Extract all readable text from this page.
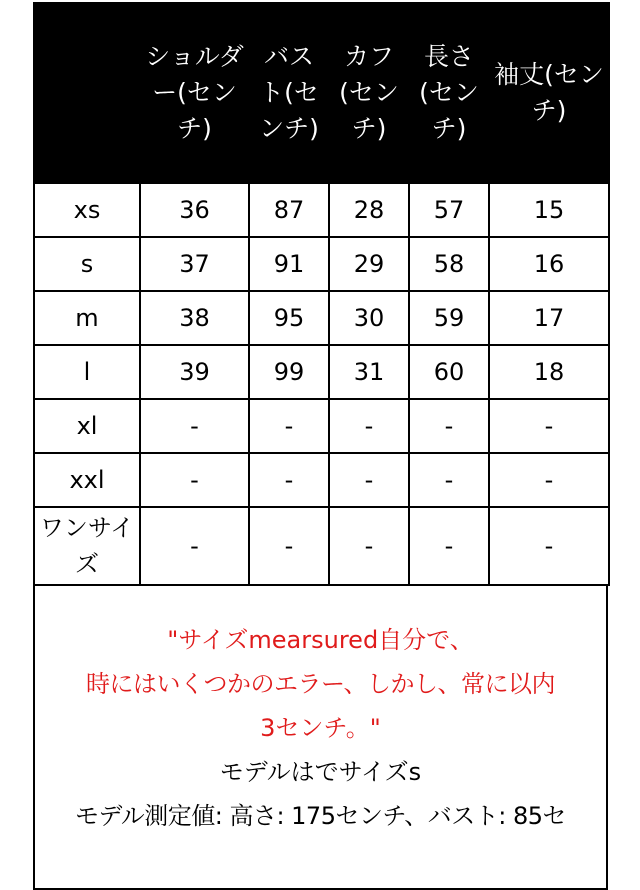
	ショルダー(センチ)	バスト(センチ)	カフ(センチ)	長さ(センチ)	袖丈(センチ)
xs	36	87	28	57	15
s	37	91	29	58	16
m	38	95	30	59	17
l	39	99	31	60	18
xl	-	-	-	-	-
xxl	-	-	-	-	-
ワンサイズ	-	-	-	-	-
"サイズmearsured自分で、
時にはいくつかのエラー、しかし、常に以内
3センチ。"
モデルはでサイズs
モデル測定値: 高さ: 175センチ、バスト: 85セ
